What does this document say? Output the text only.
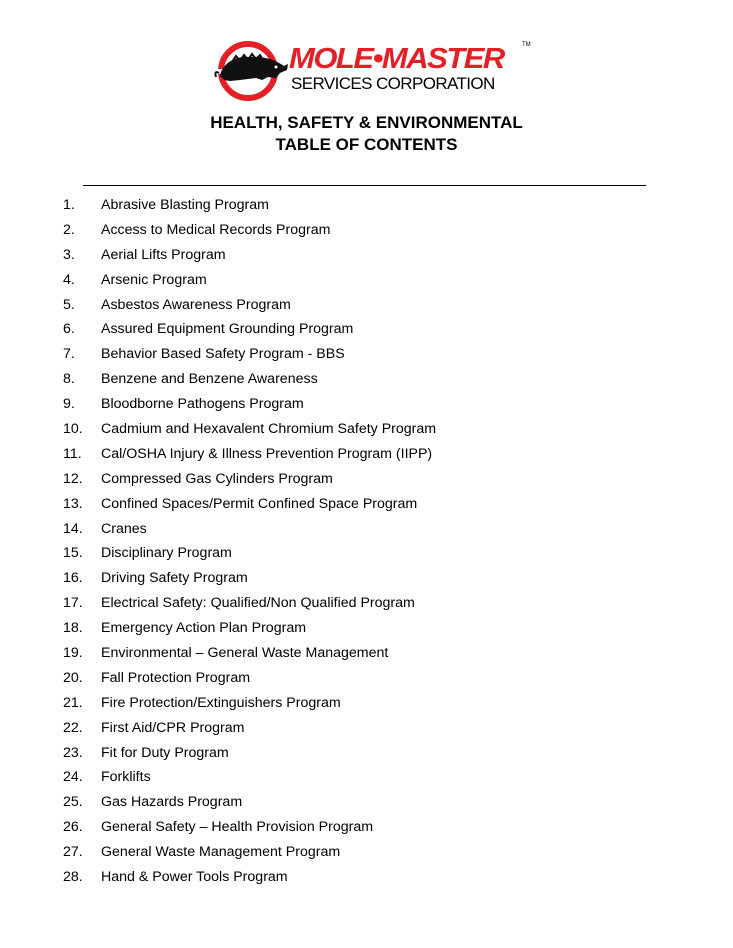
MOLE•MASTER	TM
SERVICES CORPORATION
HEALTH, SAFETY & ENVIRONMENTAL
TABLE OF CONTENTS
1. Abrasive Blasting Program
2. Access to Medical Records Program
3. Aerial Lifts Program
4. Arsenic Program
5. Asbestos Awareness Program
6. Assured Equipment Grounding Program
7. Behavior Based Safety Program - BBS
8. Benzene and Benzene Awareness
9. Bloodborne Pathogens Program
10. Cadmium and Hexavalent Chromium Safety Program
11. Cal/OSHA Injury & Illness Prevention Program (IIPP)
12. Compressed Gas Cylinders Program
13. Confined Spaces/Permit Confined Space Program
14. Cranes
15. Disciplinary Program
16. Driving Safety Program
17. Electrical Safety: Qualified/Non Qualified Program
18. Emergency Action Plan Program
19. Environmental – General Waste Management
20. Fall Protection Program
21. Fire Protection/Extinguishers Program
22. First Aid/CPR Program
23. Fit for Duty Program
24. Forklifts
25. Gas Hazards Program
26. General Safety – Health Provision Program
27. General Waste Management Program
28. Hand & Power Tools Program
